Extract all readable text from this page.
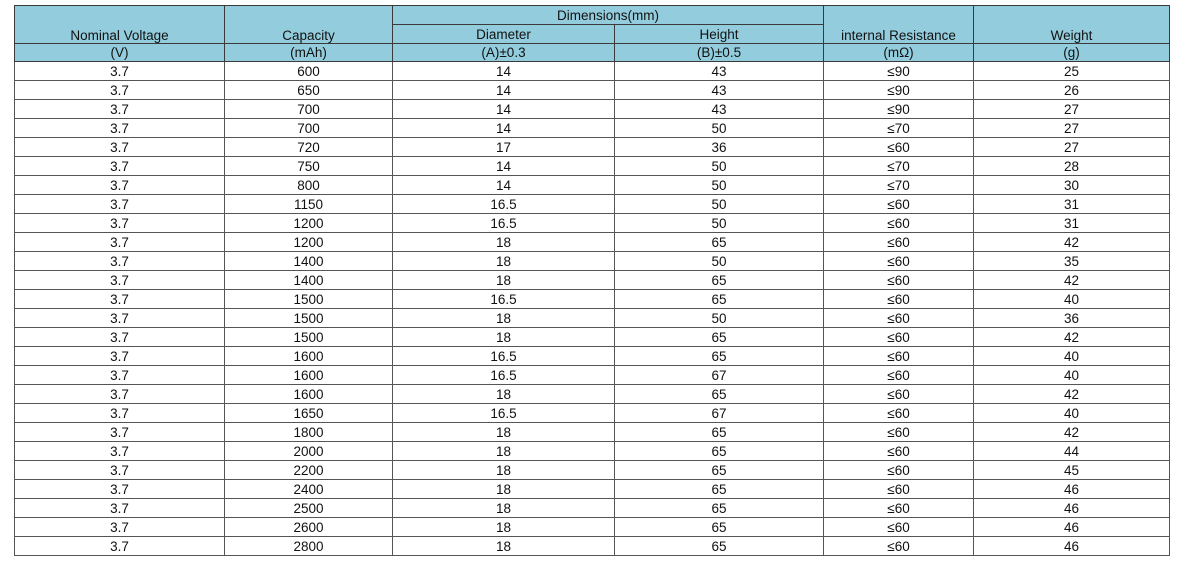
Nominal Voltage	Capacity	Dimensions(mm)		internal Resistance	Weight
		Diameter	Height		
(V)	(mAh)	(A)±0.3	(B)±0.5	(mΩ)	(g)
3.7	600	14	43	≤90	25
3.7	650	14	43	≤90	26
3.7	700	14	43	≤90	27
3.7	700	14	50	≤70	27
3.7	720	17	36	≤60	27
3.7	750	14	50	≤70	28
3.7	800	14	50	≤70	30
3.7	1150	16.5	50	≤60	31
3.7	1200	16.5	50	≤60	31
3.7	1200	18	65	≤60	42
3.7	1400	18	50	≤60	35
3.7	1400	18	65	≤60	42
3.7	1500	16.5	65	≤60	40
3.7	1500	18	50	≤60	36
3.7	1500	18	65	≤60	42
3.7	1600	16.5	65	≤60	40
3.7	1600	16.5	67	≤60	40
3.7	1600	18	65	≤60	42
3.7	1650	16.5	67	≤60	40
3.7	1800	18	65	≤60	42
3.7	2000	18	65	≤60	44
3.7	2200	18	65	≤60	45
3.7	2400	18	65	≤60	46
3.7	2500	18	65	≤60	46
3.7	2600	18	65	≤60	46
3.7	2800	18	65	≤60	46
